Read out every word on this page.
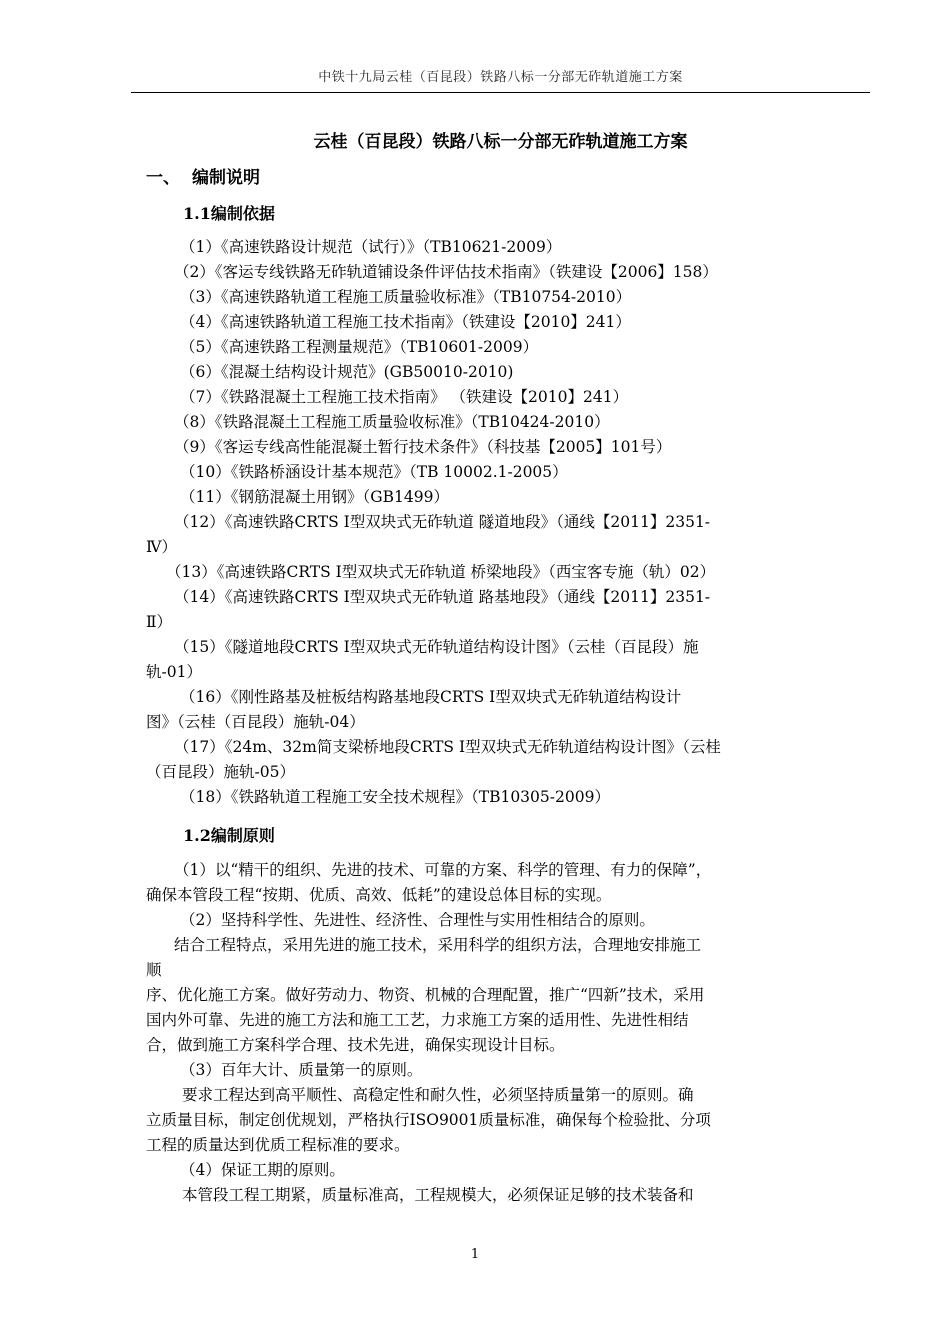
中铁十九局云桂（百昆段）铁路八标一分部无砟轨道施工方案
云桂（百昆段）铁路八标一分部无砟轨道施工方案
一、 编制说明
1.1编制依据
（1）《高速铁路设计规范（试行）》（TB10621-2009）
（2）《客运专线铁路无砟轨道铺设条件评估技术指南》（铁建设【2006】158）
（3）《高速铁路轨道工程施工质量验收标准》（TB10754-2010）
（4）《高速铁路轨道工程施工技术指南》（铁建设【2010】241）
（5）《高速铁路工程测量规范》（TB10601-2009）
（6）《混凝土结构设计规范》(GB50010-2010)
（7）《铁路混凝土工程施工技术指南》 （铁建设【2010】241）
（8）《铁路混凝土工程施工质量验收标准》（TB10424-2010）
（9）《客运专线高性能混凝土暂行技术条件》（科技基【2005】101号）
（10）《铁路桥涵设计基本规范》（TB 10002.1-2005）
（11）《钢筋混凝土用钢》（GB1499）
（12）《高速铁路CRTS Ⅰ型双块式无砟轨道 隧道地段》（通线【2011】2351-
Ⅳ）
（13）《高速铁路CRTS Ⅰ型双块式无砟轨道 桥梁地段》（西宝客专施（轨）02）
（14）《高速铁路CRTS Ⅰ型双块式无砟轨道 路基地段》（通线【2011】2351-
Ⅱ）
（15）《隧道地段CRTS Ⅰ型双块式无砟轨道结构设计图》（云桂（百昆段）施
轨-01）
（16）《刚性路基及桩板结构路基地段CRTS Ⅰ型双块式无砟轨道结构设计
图》（云桂（百昆段）施轨-04）
（17）《24m、32m简支梁桥地段CRTS Ⅰ型双块式无砟轨道结构设计图》（云桂
（百昆段）施轨-05）
（18）《铁路轨道工程施工安全技术规程》（TB10305-2009）
1.2编制原则
（1）以“精干的组织、先进的技术、可靠的方案、科学的管理、有力的保障”，
确保本管段工程“按期、优质、高效、低耗”的建设总体目标的实现。
（2）坚持科学性、先进性、经济性、合理性与实用性相结合的原则。
结合工程特点，采用先进的施工技术，采用科学的组织方法，合理地安排施工
顺
序、优化施工方案。做好劳动力、物资、机械的合理配置，推广“四新”技术，采用
国内外可靠、先进的施工方法和施工工艺，力求施工方案的适用性、先进性相结
合，做到施工方案科学合理、技术先进，确保实现设计目标。
（3）百年大计、质量第一的原则。
要求工程达到高平顺性、高稳定性和耐久性，必须坚持质量第一的原则。确
立质量目标，制定创优规划，严格执行ISO9001质量标准，确保每个检验批、分项
工程的质量达到优质工程标准的要求。
（4）保证工期的原则。
本管段工程工期紧，质量标准高，工程规模大，必须保证足够的技术装备和
1
